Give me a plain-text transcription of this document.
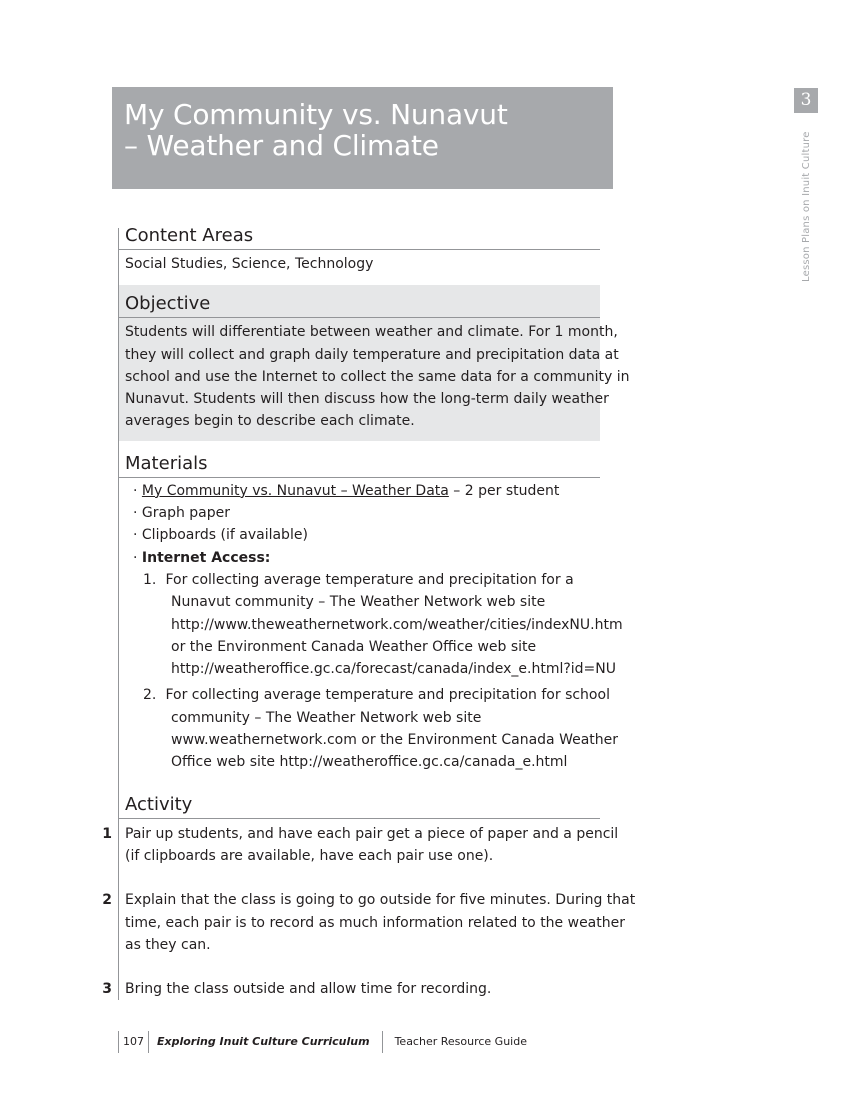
My Community vs. Nunavut
– Weather and Climate
3
Lesson Plans on Inuit Culture
Content Areas
Social Studies, Science, Technology
Objective
Students will differentiate between weather and climate. For 1 month,
they will collect and graph daily temperature and precipitation data at
school and use the Internet to collect the same data for a community in
Nunavut. Students will then discuss how the long-term daily weather
averages begin to describe each climate.
Materials
· My Community vs. Nunavut – Weather Data – 2 per student
· Graph paper
· Clipboards (if available)
· Internet Access:
1. For collecting average temperature and precipitation for a
Nunavut community – The Weather Network web site
http://www.theweathernetwork.com/weather/cities/indexNU.htm
or the Environment Canada Weather Office web site
http://weatheroffice.gc.ca/forecast/canada/index_e.html?id=NU
2. For collecting average temperature and precipitation for school
community – The Weather Network web site
www.weathernetwork.com or the Environment Canada Weather
Office web site http://weatheroffice.gc.ca/canada_e.html
Activity
1 Pair up students, and have each pair get a piece of paper and a pencil
(if clipboards are available, have each pair use one).
2 Explain that the class is going to go outside for five minutes. During that
time, each pair is to record as much information related to the weather
as they can.
3 Bring the class outside and allow time for recording.
107 Exploring Inuit Culture Curriculum Teacher Resource Guide
